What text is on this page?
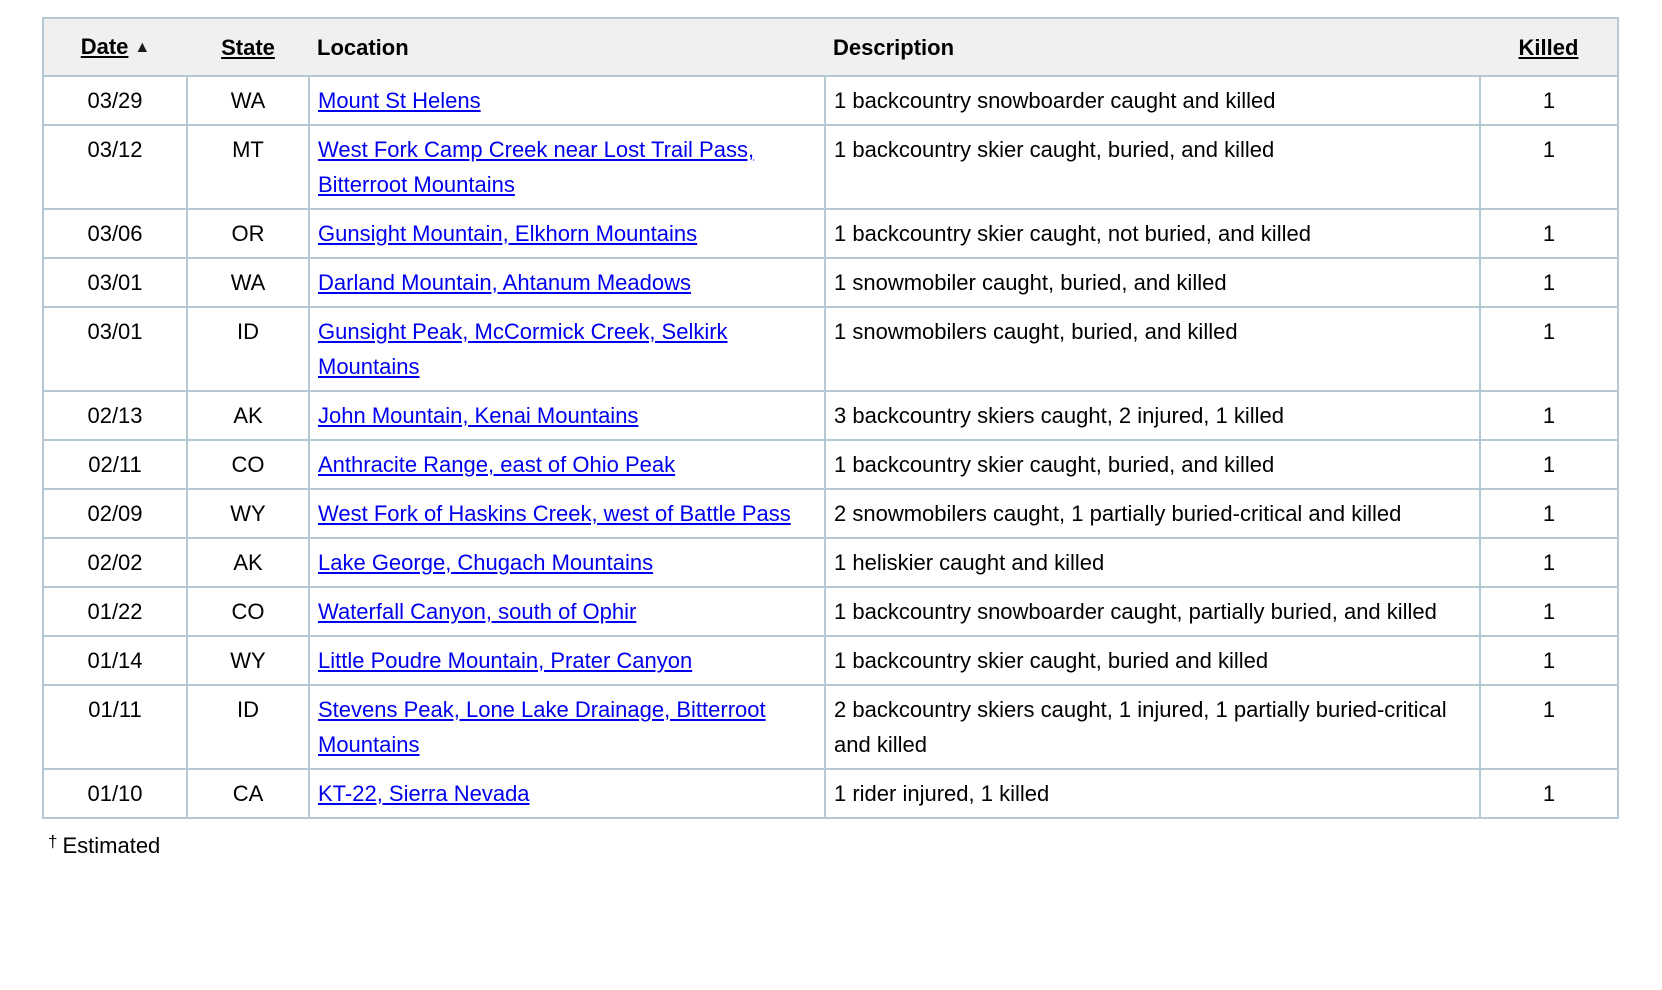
Date ▲	State	Location	Description	Killed
03/29	WA	Mount St Helens	1 backcountry snowboarder caught and killed	1
03/12	MT	West Fork Camp Creek near Lost Trail Pass, Bitterroot Mountains	1 backcountry skier caught, buried, and killed	1
03/06	OR	Gunsight Mountain, Elkhorn Mountains	1 backcountry skier caught, not buried, and killed	1
03/01	WA	Darland Mountain, Ahtanum Meadows	1 snowmobiler caught, buried, and killed	1
03/01	ID	Gunsight Peak, McCormick Creek, Selkirk Mountains	1 snowmobilers caught, buried, and killed	1
02/13	AK	John Mountain, Kenai Mountains	3 backcountry skiers caught, 2 injured, 1 killed	1
02/11	CO	Anthracite Range, east of Ohio Peak	1 backcountry skier caught, buried, and killed	1
02/09	WY	West Fork of Haskins Creek, west of Battle Pass	2 snowmobilers caught, 1 partially buried-critical and killed	1
02/02	AK	Lake George, Chugach Mountains	1 heliskier caught and killed	1
01/22	CO	Waterfall Canyon, south of Ophir	1 backcountry snowboarder caught, partially buried, and killed	1
01/14	WY	Little Poudre Mountain, Prater Canyon	1 backcountry skier caught, buried and killed	1
01/11	ID	Stevens Peak, Lone Lake Drainage, Bitterroot Mountains	2 backcountry skiers caught, 1 injured, 1 partially buried-critical and killed	1
01/10	CA	KT-22, Sierra Nevada	1 rider injured, 1 killed	1
† Estimated
